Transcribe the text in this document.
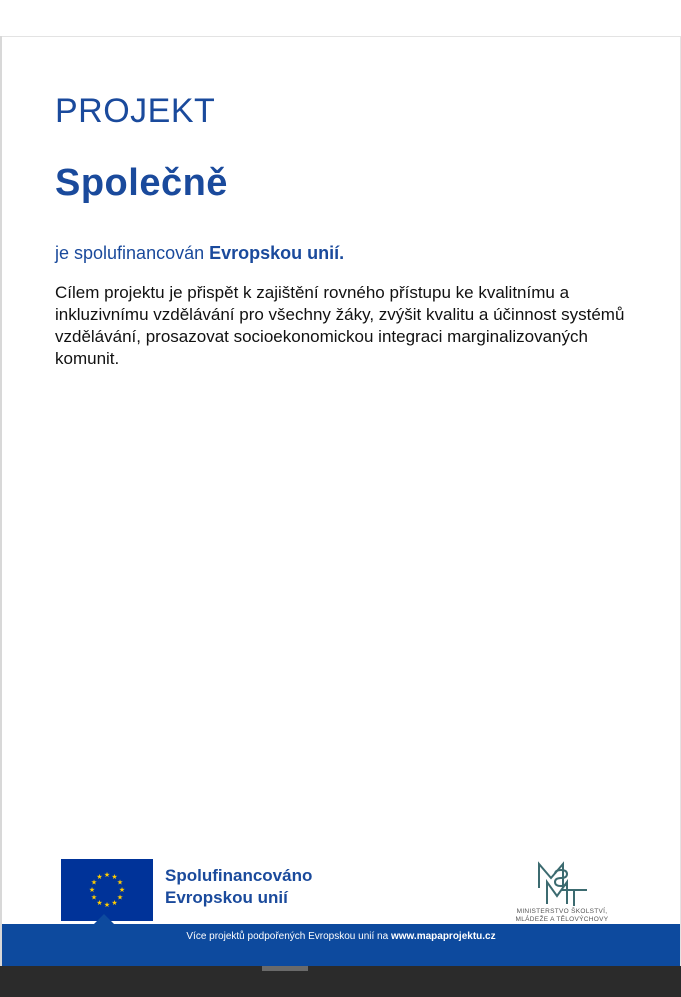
PROJEKT
Společně
je spolufinancován Evropskou unií.
Cílem projektu je přispět k zajištění rovného přístupu ke kvalitnímu a inkluzivnímu vzdělávání pro všechny žáky, zvýšit kvalitu a účinnost systémů vzdělávání, prosazovat socioekonomickou integraci marginalizovaných komunit.
★ ★
★
★
★
★
★
★
★
★
★
★	Spolufinancováno
Evropskou unií
MINISTERSTVO ŠKOLSTVÍ,
MLÁDEŽE A TĚLOVÝCHOVY
Více projektů podpořených Evropskou unií na www.mapaprojektu.cz
